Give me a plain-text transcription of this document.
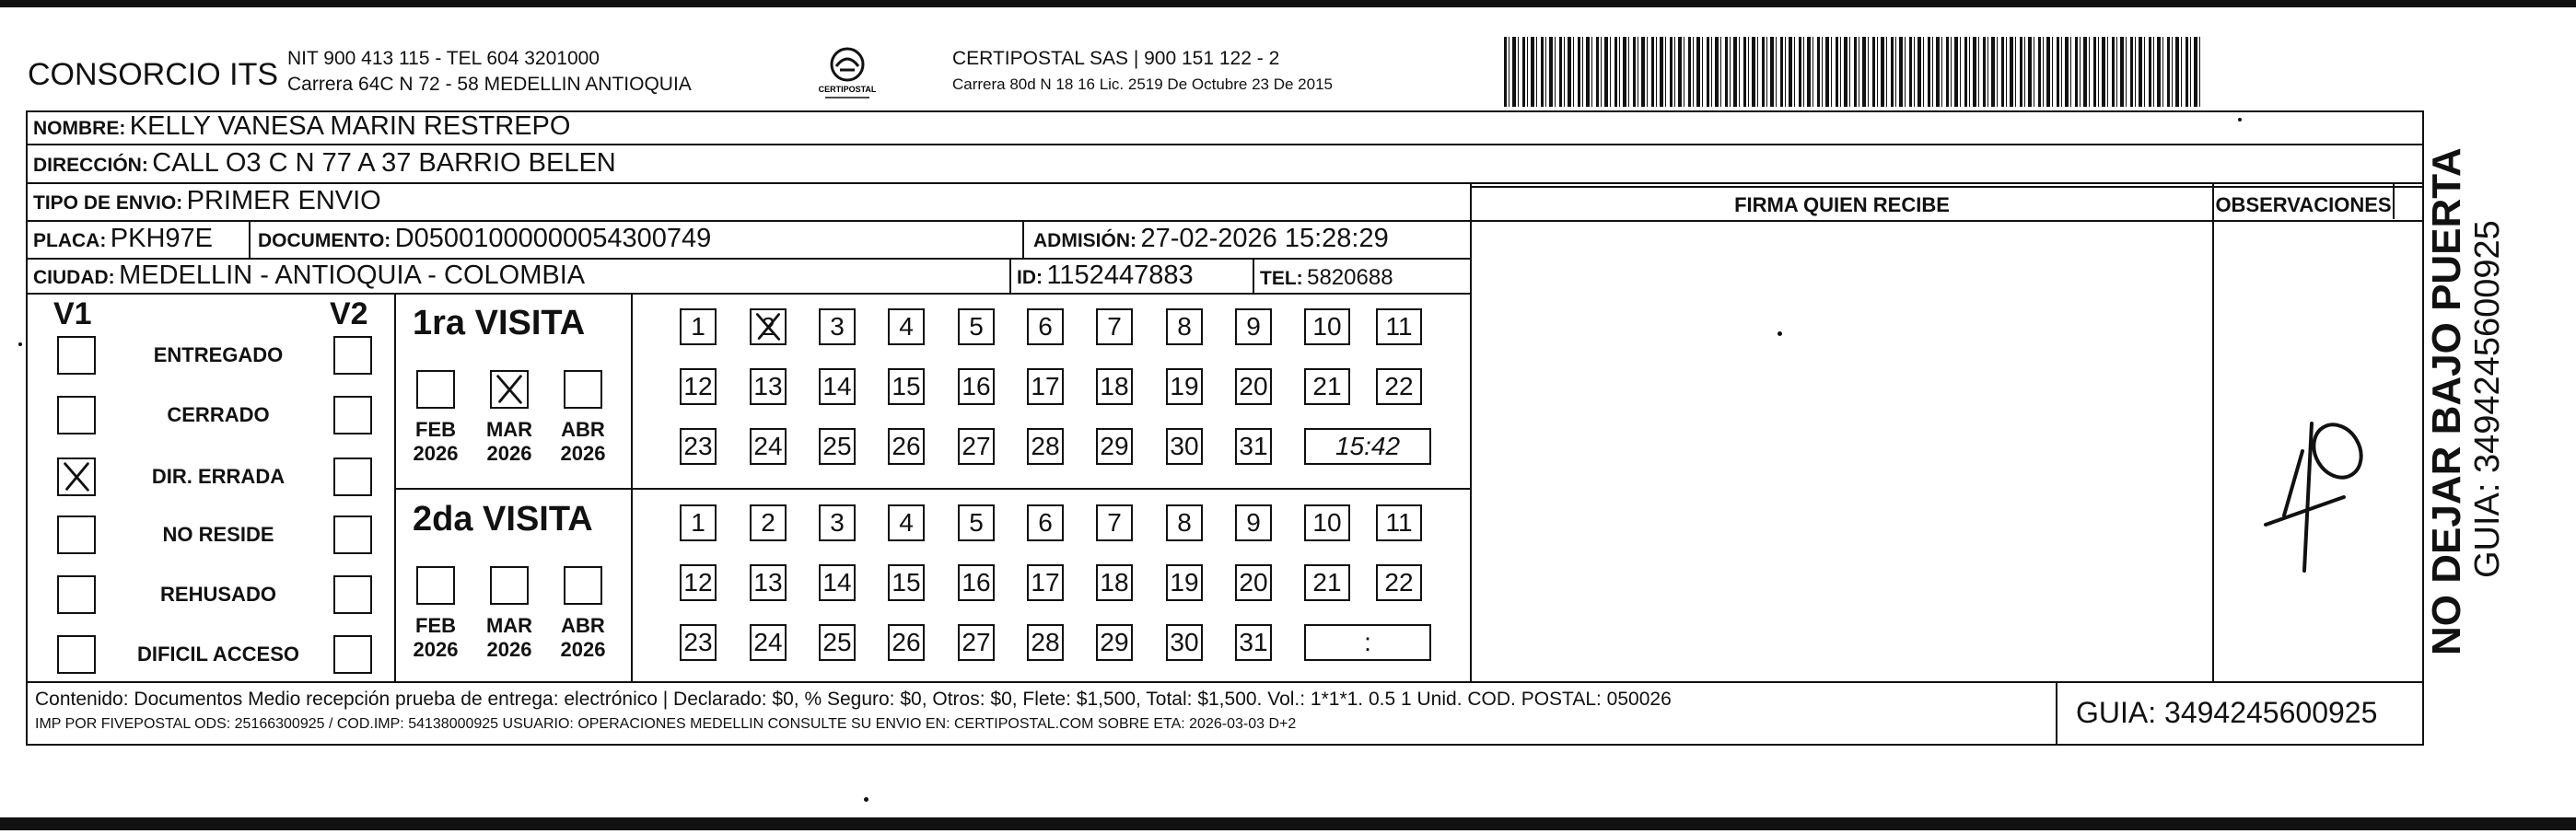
CONSORCIO ITS NIT 900 413 115 - TEL 604 3201000
Carrera 64C N 72 - 58 MEDELLIN ANTIOQUIA	CERTIPOSTAL
CERTIPOSTAL SAS | 900 151 122 - 2
Carrera 80d N 18 16 Lic. 2519 De Octubre 23 De 2015
NOMBRE: KELLY VANESA MARIN RESTREPO
DIRECCIÓN: CALL O3 C N 77 A 37 BARRIO BELEN
TIPO DE ENVIO: PRIMER ENVIO
PLACA: PKH97E DOCUMENTO: D05001000000054300749	ADMISIÓN: 27-02-2026 15:28:29
CIUDAD: MEDELLIN - ANTIOQUIA - COLOMBIA	ID: 1152447883	TEL: 5820688
FIRMA QUIEN RECIBE	OBSERVACIONES
V1	V2
ENTREGADO
CERRADO
DIR. ERRADA
NO RESIDE
REHUSADO
DIFICIL ACCESO
1ra VISITA
FEB
2026
MAR
2026
ABR
2026
1	2	3	4	5	6	7	8	9	10	11
12 13 14 15 16 17 18 19 20	21	22
23 24 25 26 27 28 29 30 31	15:42
2da VISITA
FEB
2026
MAR
2026
ABR
2026
1	2	3	4	5	6	7	8	9	10	11
12 13 14 15 16 17 18 19 20	21	22
23 24 25 26 27 28 29 30 31	:
Contenido: Documentos Medio recepción prueba de entrega: electrónico | Declarado: $0, % Seguro: $0, Otros: $0, Flete: $1,500, Total: $1,500. Vol.: 1*1*1. 0.5 1 Unid. COD. POSTAL: 050026
IMP POR FIVEPOSTAL ODS: 25166300925 / COD.IMP: 54138000925 USUARIO: OPERACIONES MEDELLIN CONSULTE SU ENVIO EN: CERTIPOSTAL.COM SOBRE ETA: 2026-03-03 D+2	GUIA: 3494245600925
NO DEJAR BAJO PUERTA GUIA: 3494245600925
